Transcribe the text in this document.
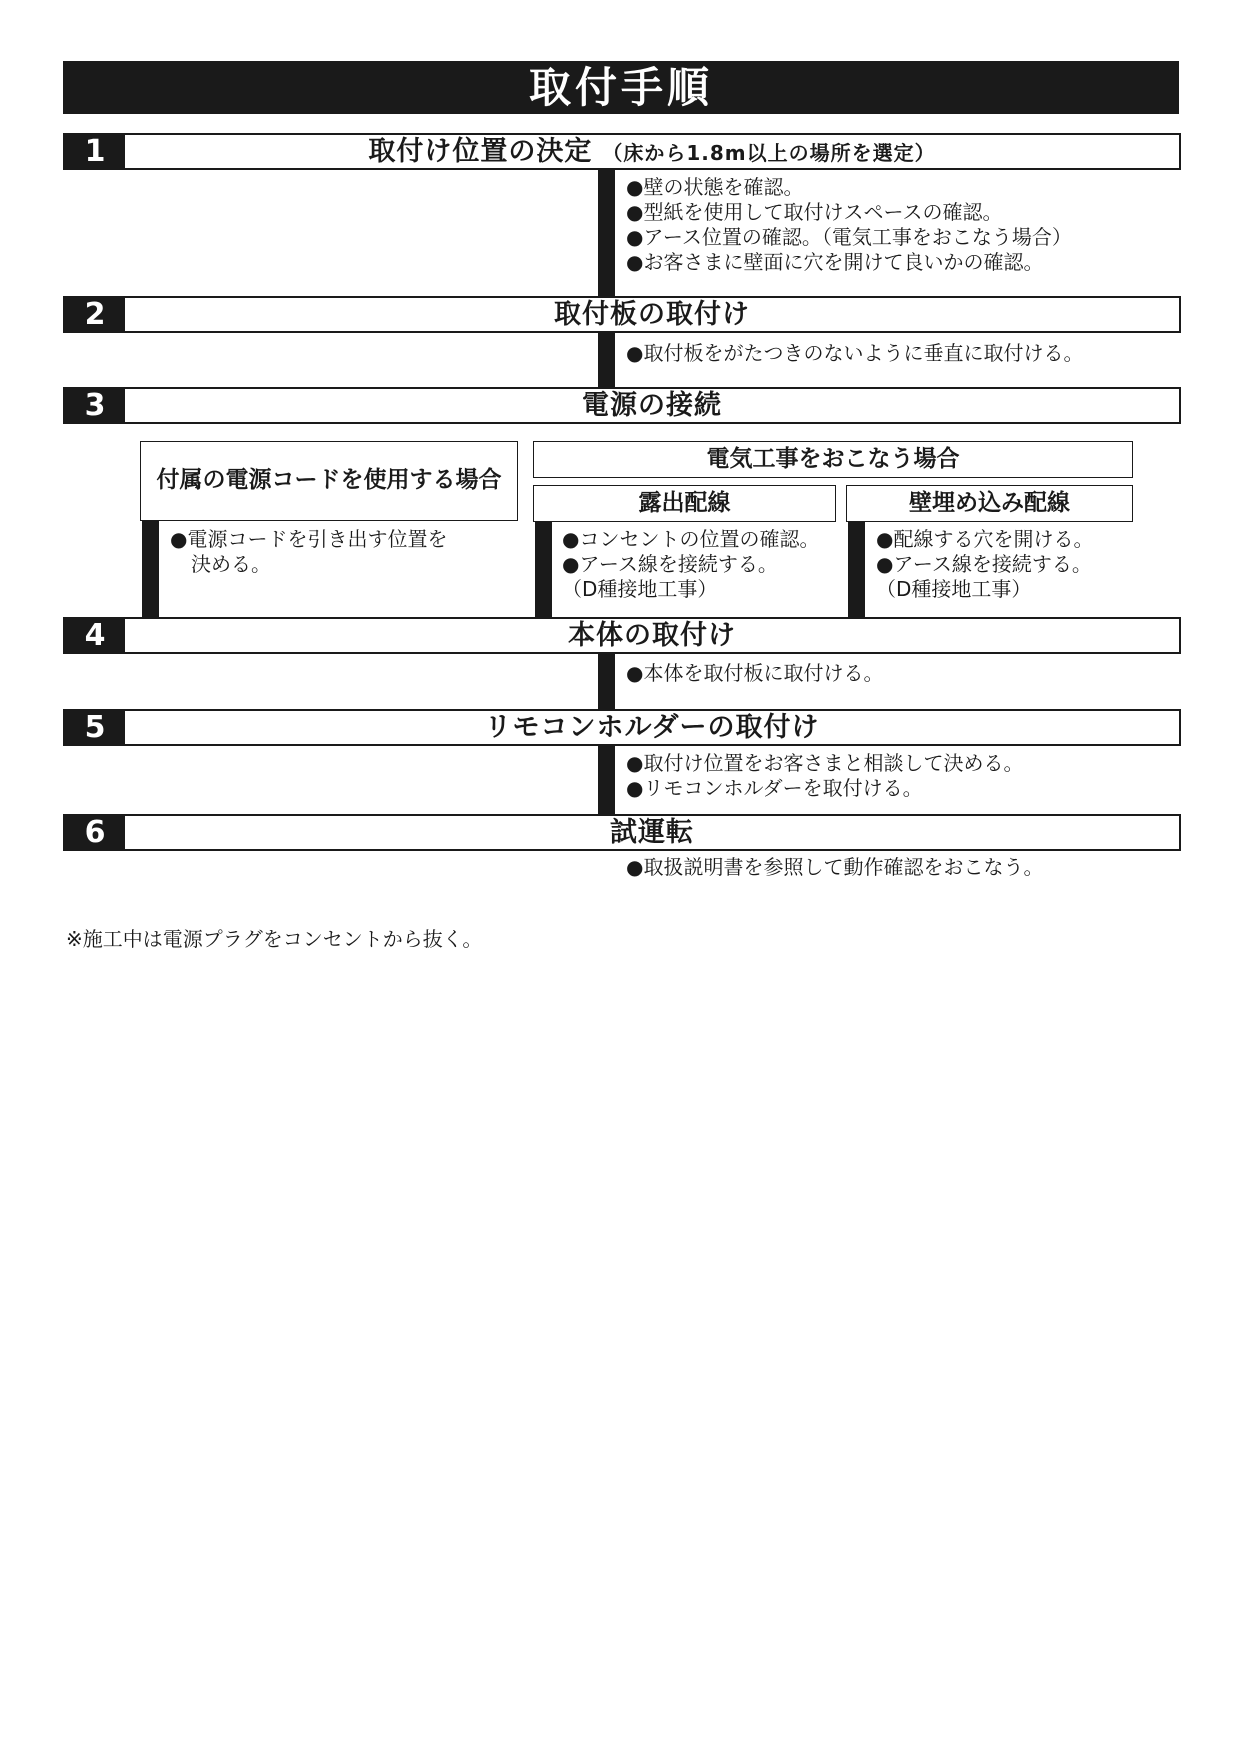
取付手順
1	取付け位置の決定 （床から1.8m以上の場所を選定）
●壁の状態を確認。
●型紙を使用して取付けスペースの確認。
●アース位置の確認。（電気工事をおこなう場合）
●お客さまに壁面に穴を開けて良いかの確認。
2	取付板の取付け
●取付板をがたつきのないように垂直に取付ける。
3	電源の接続
付属の電源コードを使用する場合
●電源コードを引き出す位置を
決める。
電気工事をおこなう場合
露出配線	壁埋め込み配線
●コンセントの位置の確認。
●アース線を接続する。
（D種接地工事）
●配線する穴を開ける。
●アース線を接続する。
（D種接地工事）
4	本体の取付け
●本体を取付板に取付ける。
5	リモコンホルダーの取付け
●取付け位置をお客さまと相談して決める。
●リモコンホルダーを取付ける。
6	試運転
●取扱説明書を参照して動作確認をおこなう。
※施工中は電源プラグをコンセントから抜く。
